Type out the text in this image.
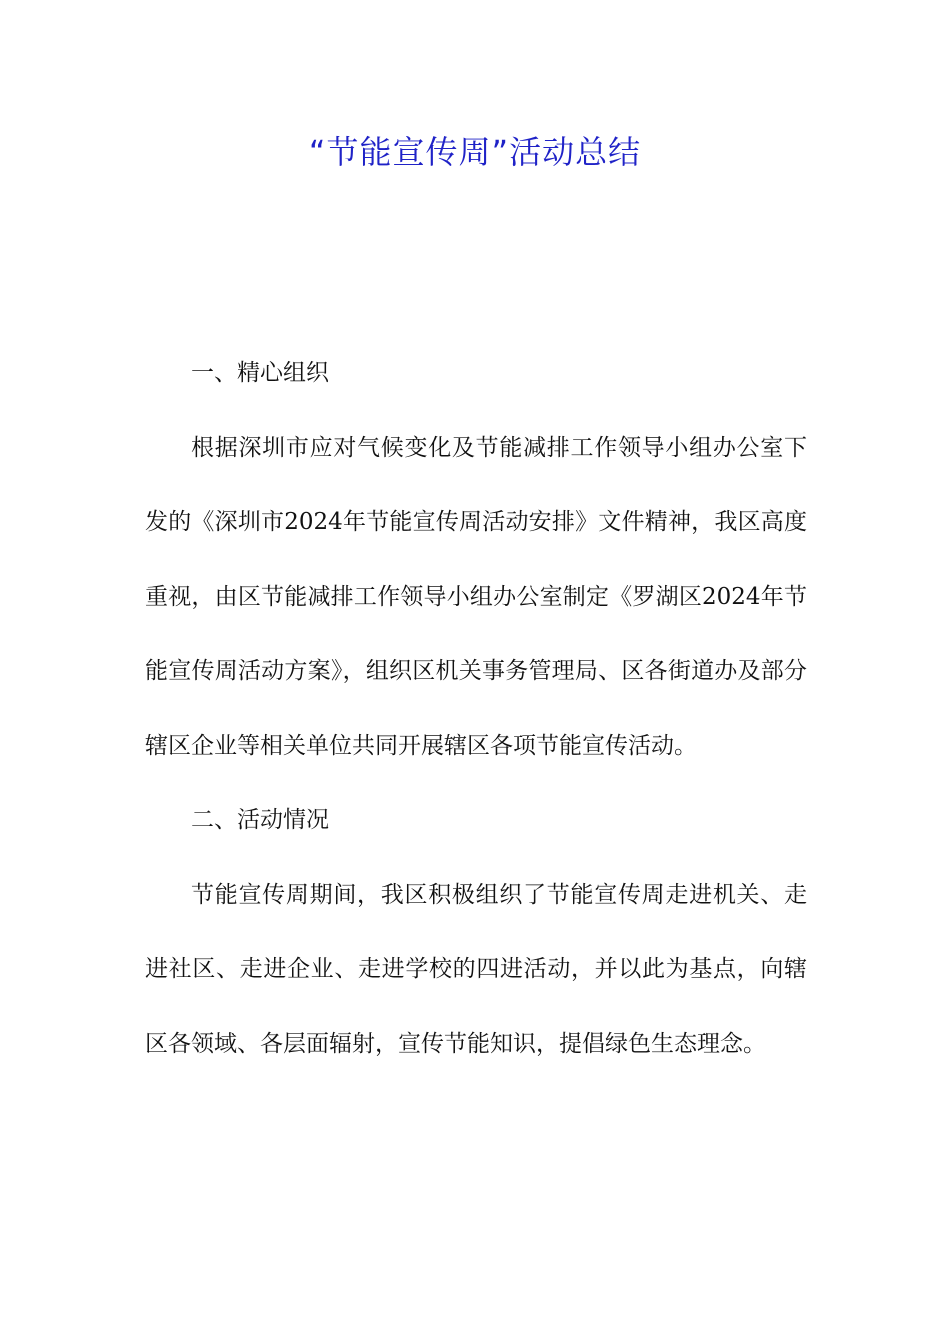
“节能宣传周”活动总结

一、精心组织

根据深圳市应对气候变化及节能减排工作领导小组办公室下发的《深圳市2024年节能宣传周活动安排》文件精神，我区高度重视，由区节能减排工作领导小组办公室制定《罗湖区2024年节能宣传周活动方案》，组织区机关事务管理局、区各街道办及部分辖区企业等相关单位共同开展辖区各项节能宣传活动。

二、活动情况

节能宣传周期间，我区积极组织了节能宣传周走进机关、走进社区、走进企业、走进学校的四进活动，并以此为基点，向辖区各领域、各层面辐射，宣传节能知识，提倡绿色生态理念。
